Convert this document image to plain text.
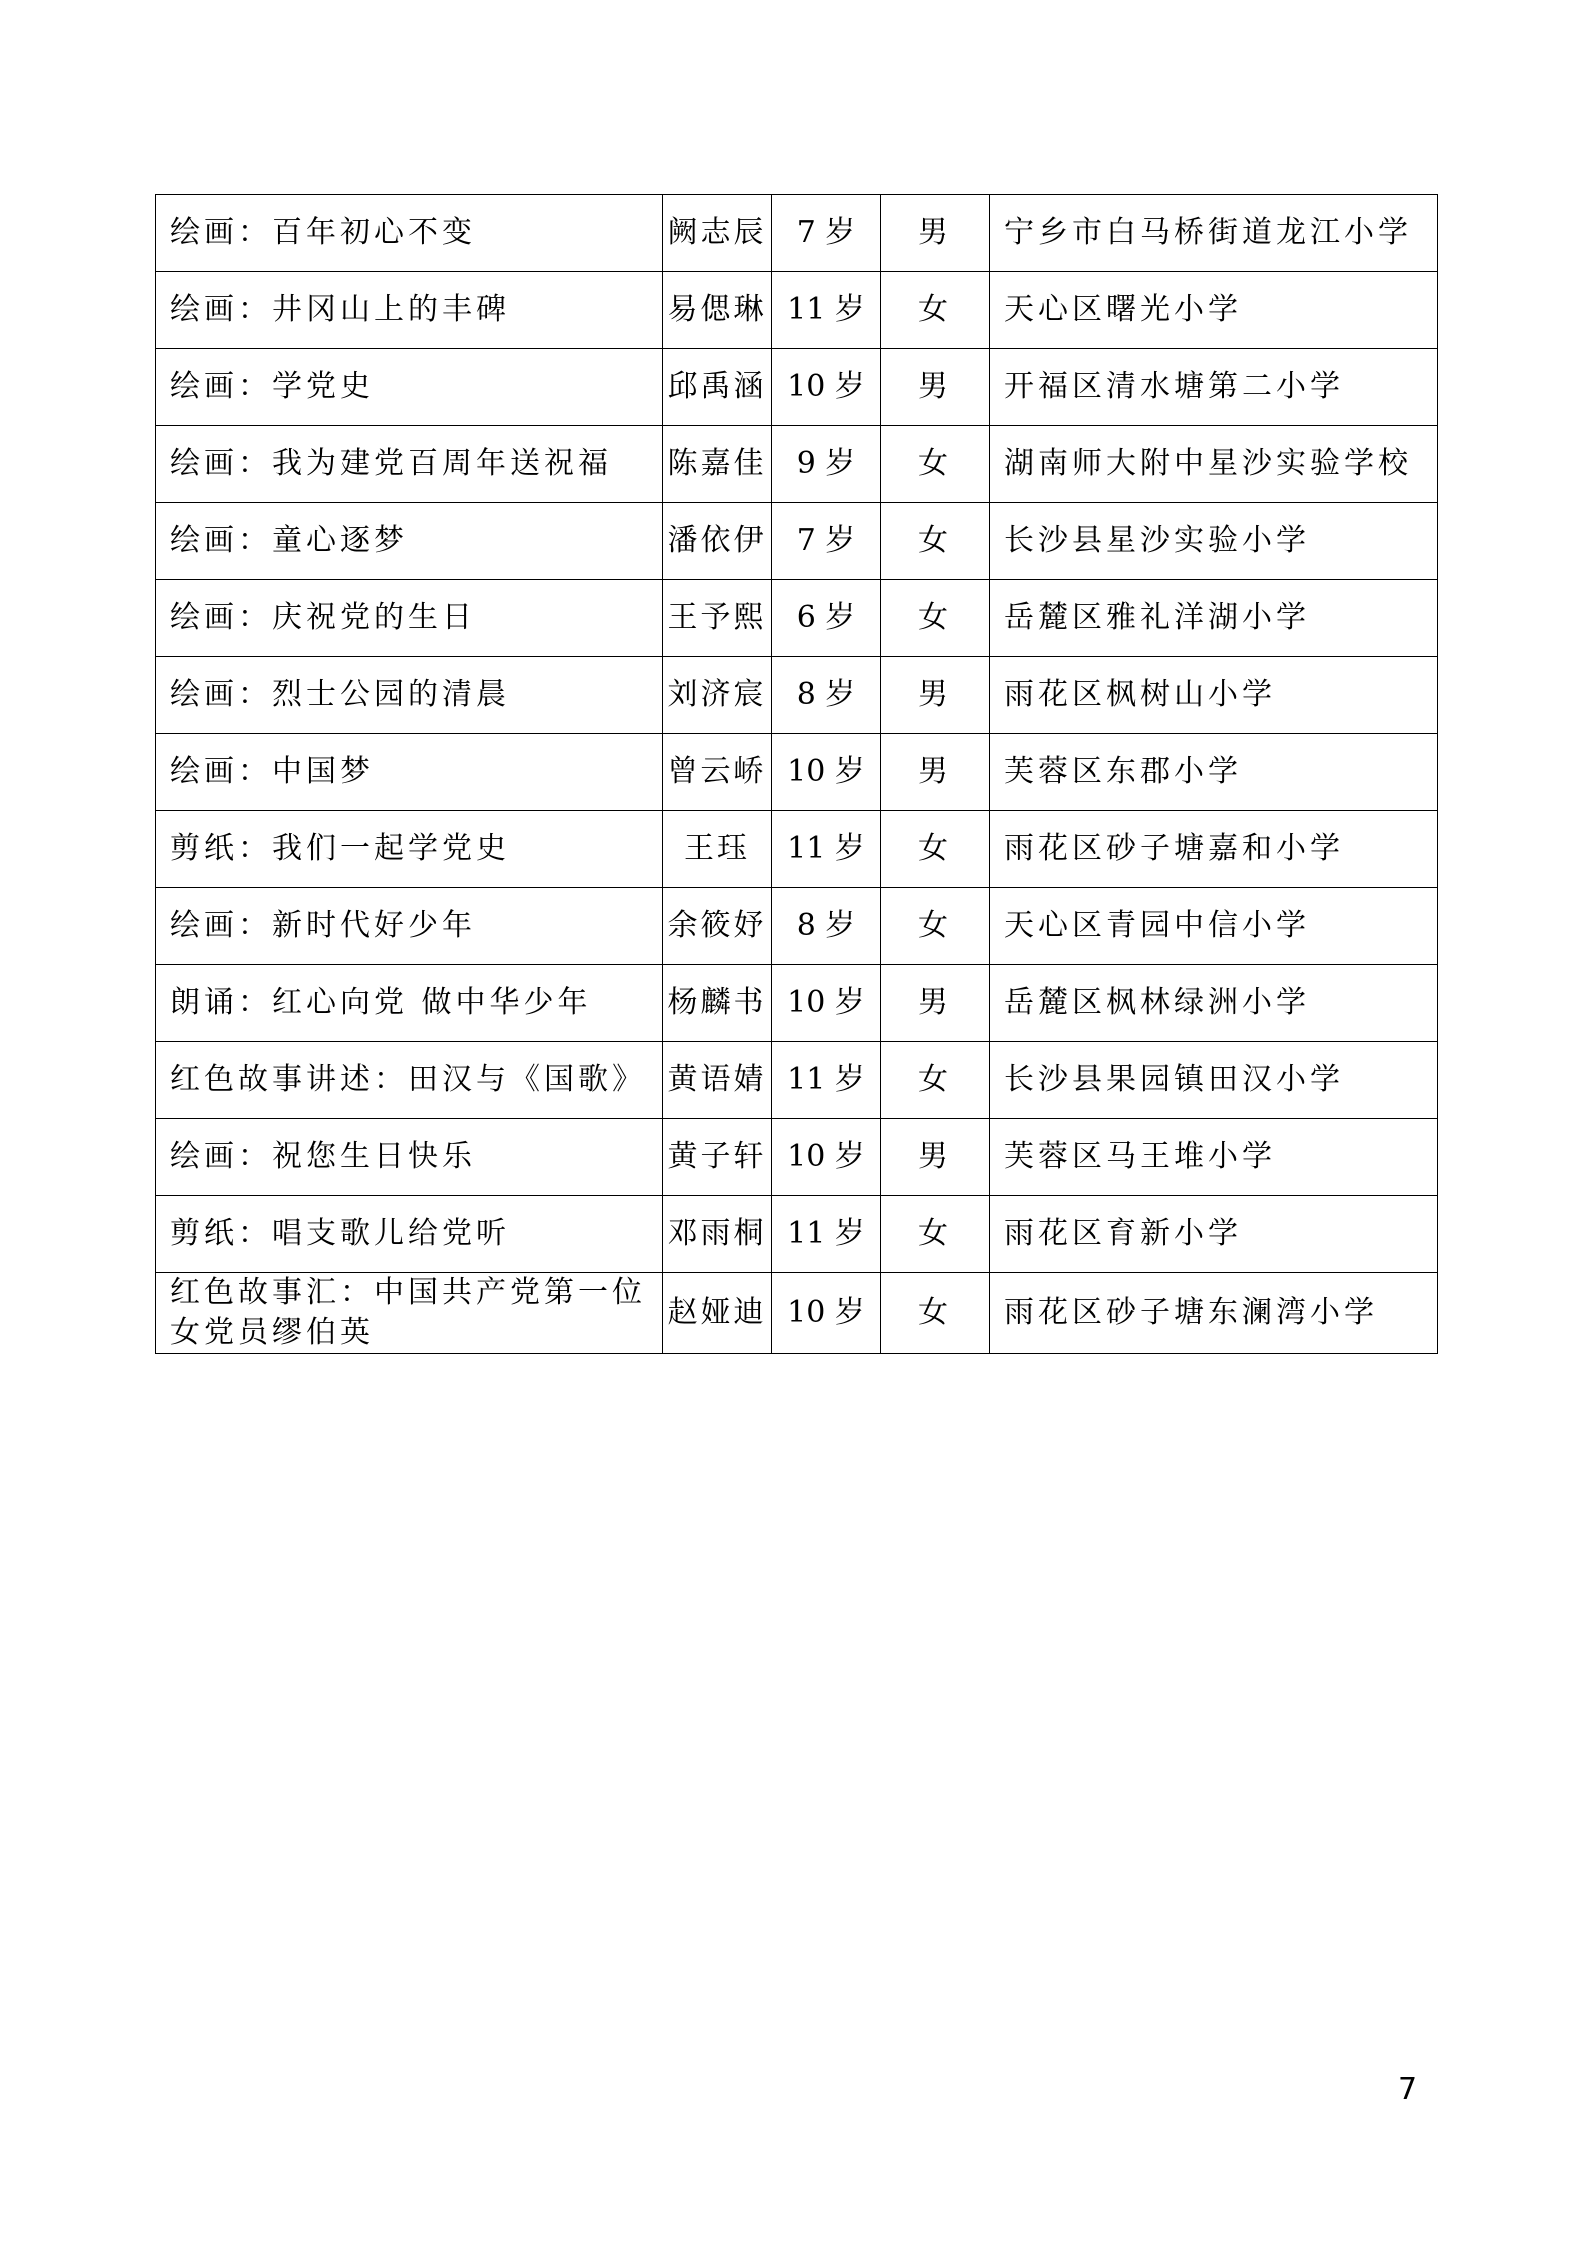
绘画：百年初心不变	阙志辰	7 岁	男	宁乡市白马桥街道龙江小学
绘画：井冈山上的丰碑	易偲琳	11 岁	女	天心区曙光小学
绘画：学党史	邱禹涵	10 岁	男	开福区清水塘第二小学
绘画：我为建党百周年送祝福	陈嘉佳	9 岁	女	湖南师大附中星沙实验学校
绘画：童心逐梦	潘依伊	7 岁	女	长沙县星沙实验小学
绘画：庆祝党的生日	王予熙	6 岁	女	岳麓区雅礼洋湖小学
绘画：烈士公园的清晨	刘济宸	8 岁	男	雨花区枫树山小学
绘画：中国梦	曾云峤	10 岁	男	芙蓉区东郡小学
剪纸：我们一起学党史	王珏	11 岁	女	雨花区砂子塘嘉和小学
绘画：新时代好少年	余筱妤	8 岁	女	天心区青园中信小学
朗诵：红心向党 做中华少年	杨麟书	10 岁	男	岳麓区枫林绿洲小学
红色故事讲述：田汉与《国歌》	黄语婧	11 岁	女	长沙县果园镇田汉小学
绘画：祝您生日快乐	黄子轩	10 岁	男	芙蓉区马王堆小学
剪纸：唱支歌儿给党听	邓雨桐	11 岁	女	雨花区育新小学
红色故事汇：中国共产党第一位女党员缪伯英	赵娅迪	10 岁	女	雨花区砂子塘东澜湾小学
7
